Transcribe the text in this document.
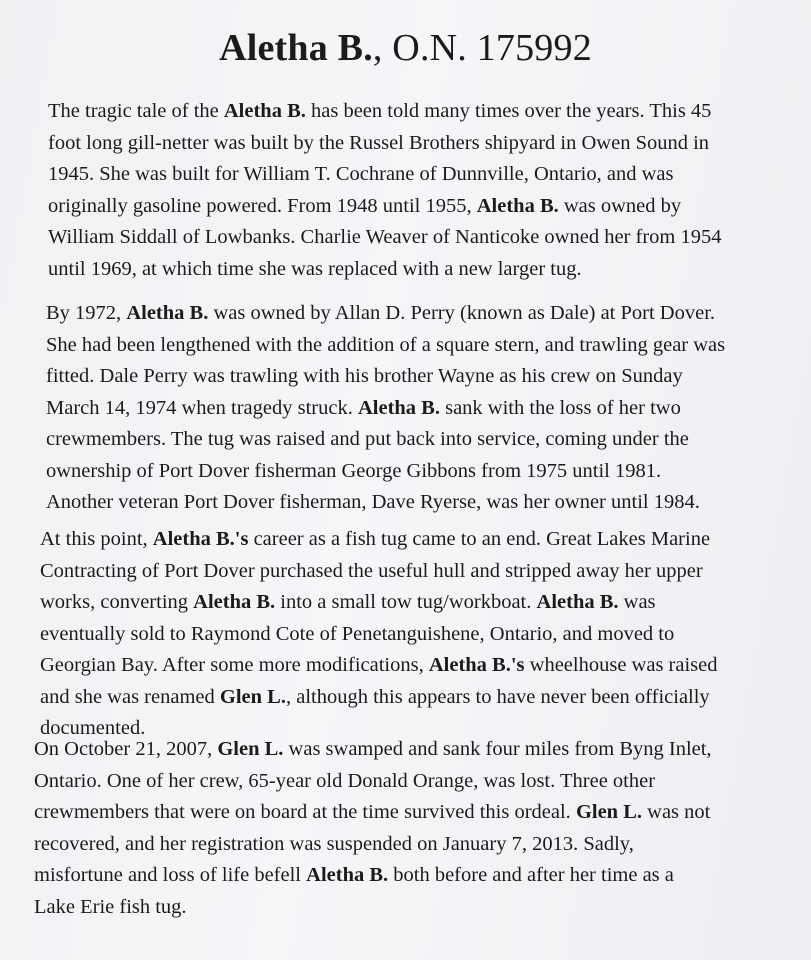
Aletha B., O.N. 175992
The tragic tale of the Aletha B. has been told many times over the years. This 45
foot long gill-netter was built by the Russel Brothers shipyard in Owen Sound in
1945. She was built for William T. Cochrane of Dunnville, Ontario, and was
originally gasoline powered. From 1948 until 1955, Aletha B. was owned by
William Siddall of Lowbanks. Charlie Weaver of Nanticoke owned her from 1954
until 1969, at which time she was replaced with a new larger tug.
By 1972, Aletha B. was owned by Allan D. Perry (known as Dale) at Port Dover.
She had been lengthened with the addition of a square stern, and trawling gear was
fitted. Dale Perry was trawling with his brother Wayne as his crew on Sunday
March 14, 1974 when tragedy struck. Aletha B. sank with the loss of her two
crewmembers. The tug was raised and put back into service, coming under the
ownership of Port Dover fisherman George Gibbons from 1975 until 1981.
Another veteran Port Dover fisherman, Dave Ryerse, was her owner until 1984.
At this point, Aletha B.'s career as a fish tug came to an end. Great Lakes Marine
Contracting of Port Dover purchased the useful hull and stripped away her upper
works, converting Aletha B. into a small tow tug/workboat. Aletha B. was
eventually sold to Raymond Cote of Penetanguishene, Ontario, and moved to
Georgian Bay. After some more modifications, Aletha B.'s wheelhouse was raised
and she was renamed Glen L., although this appears to have never been officially
documented.
On October 21, 2007, Glen L. was swamped and sank four miles from Byng Inlet,
Ontario. One of her crew, 65-year old Donald Orange, was lost. Three other
crewmembers that were on board at the time survived this ordeal. Glen L. was not
recovered, and her registration was suspended on January 7, 2013. Sadly,
misfortune and loss of life befell Aletha B. both before and after her time as a
Lake Erie fish tug.
